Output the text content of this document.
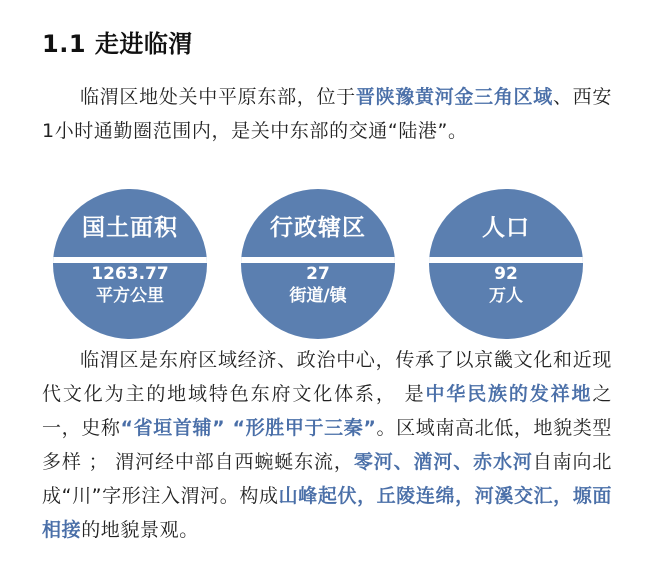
1.1 走进临渭

临渭区地处关中平原东部，位于晋陕豫黄河金三角区域、西安1小时通勤圈范围内，是关中东部的交通“陆港”。

国土面积
1263.77
平方公里
行政辖区
27
街道/镇
人口
92
万人

临渭区是东府区域经济、政治中心，传承了以京畿文化和近现代文化为主的地域特色东府文化体系， 是中华民族的发祥地之一，史称“省垣首辅” “形胜甲于三秦”。区域南高北低，地貌类型多样 ； 渭河经中部自西蜿蜒东流，零河、湭河、赤水河自南向北成“川”字形注入渭河。构成山峰起伏，丘陵连绵，河溪交汇，塬面相接的地貌景观。
